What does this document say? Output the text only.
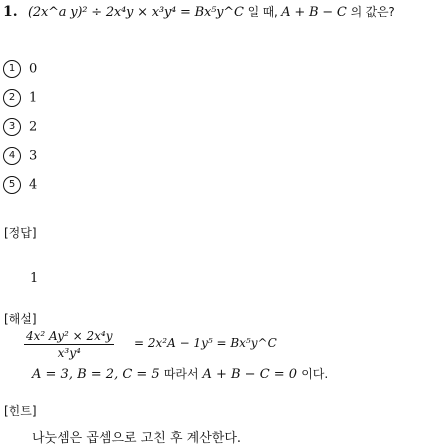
1. (2x^a y)² ÷ 2x⁴y × x³y⁴ = Bx⁵y^C 일 때, A + B − C 의 값은?
1 0
2 1
3 2
4 3
5 4
[정답]
1
[해설]
4x² Ay² × 2x⁴y
x³y⁴
= 2x²A − 1y⁵ = Bx⁵y^C
A = 3, B = 2, C = 5 따라서 A + B − C = 0 이다.
[힌트]
나눗셈은 곱셈으로 고친 후 계산한다.
